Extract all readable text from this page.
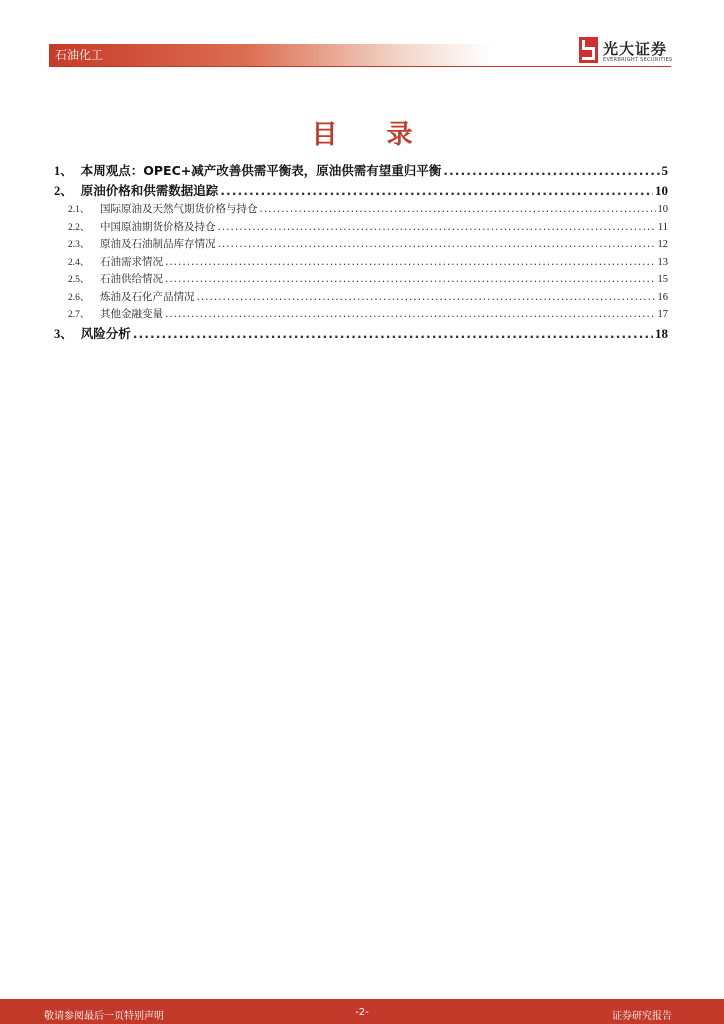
石油化工	光大证券
EVERBRIGHT SECURITIES
目 录
1、 本周观点：OPEC+减产改善供需平衡表，原油供需有望重归平衡 .....	5
2、 原油价格和供需数据追踪 .....	10
2.1、 国际原油及天然气期货价格与持仓 .....	10
2.2、 中国原油期货价格及持仓 .....	11
2.3、 原油及石油制品库存情况 .....	12
2.4、 石油需求情况 .....	13
2.5、 石油供给情况 .....	15
2.6、 炼油及石化产品情况 .....	16
2.7、 其他金融变量 .....	17
3、 风险分析 .....	18
敬请参阅最后一页特别声明	-2-	证券研究报告
